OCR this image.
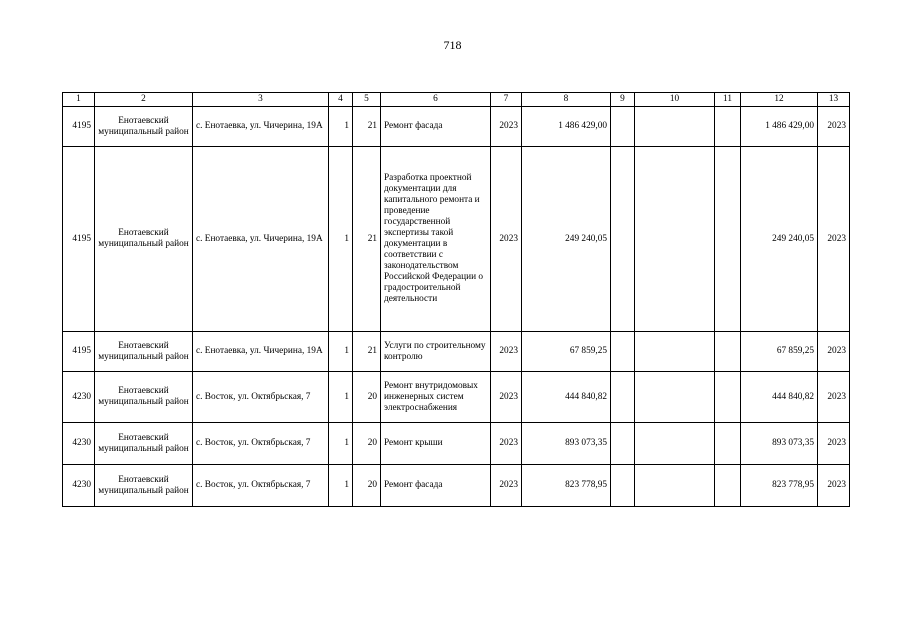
718
1	2	3	4	5	6	7	8	9	10	11	12	13
4195	Енотаевский муниципальный район	с. Енотаевка, ул. Чичерина, 19А	1	21	Ремонт фасада	2023	1 486 429,00				1 486 429,00	2023
4195	Енотаевский муниципальный район	с. Енотаевка, ул. Чичерина, 19А	1	21	Разработка проектной документации для капитального ремонта и проведение государственной экспертизы такой документации в соответствии с законодательством Российской Федерации о градостроительной деятельности	2023	249 240,05				249 240,05	2023
4195	Енотаевский муниципальный район	с. Енотаевка, ул. Чичерина, 19А	1	21	Услуги по строительному контролю	2023	67 859,25				67 859,25	2023
4230	Енотаевский муниципальный район	с. Восток, ул. Октябрьская, 7	1	20	Ремонт внутридомовых инженерных систем электроснабжения	2023	444 840,82				444 840,82	2023
4230	Енотаевский муниципальный район	с. Восток, ул. Октябрьская, 7	1	20	Ремонт крыши	2023	893 073,35				893 073,35	2023
4230	Енотаевский муниципальный район	с. Восток, ул. Октябрьская, 7	1	20	Ремонт фасада	2023	823 778,95				823 778,95	2023
